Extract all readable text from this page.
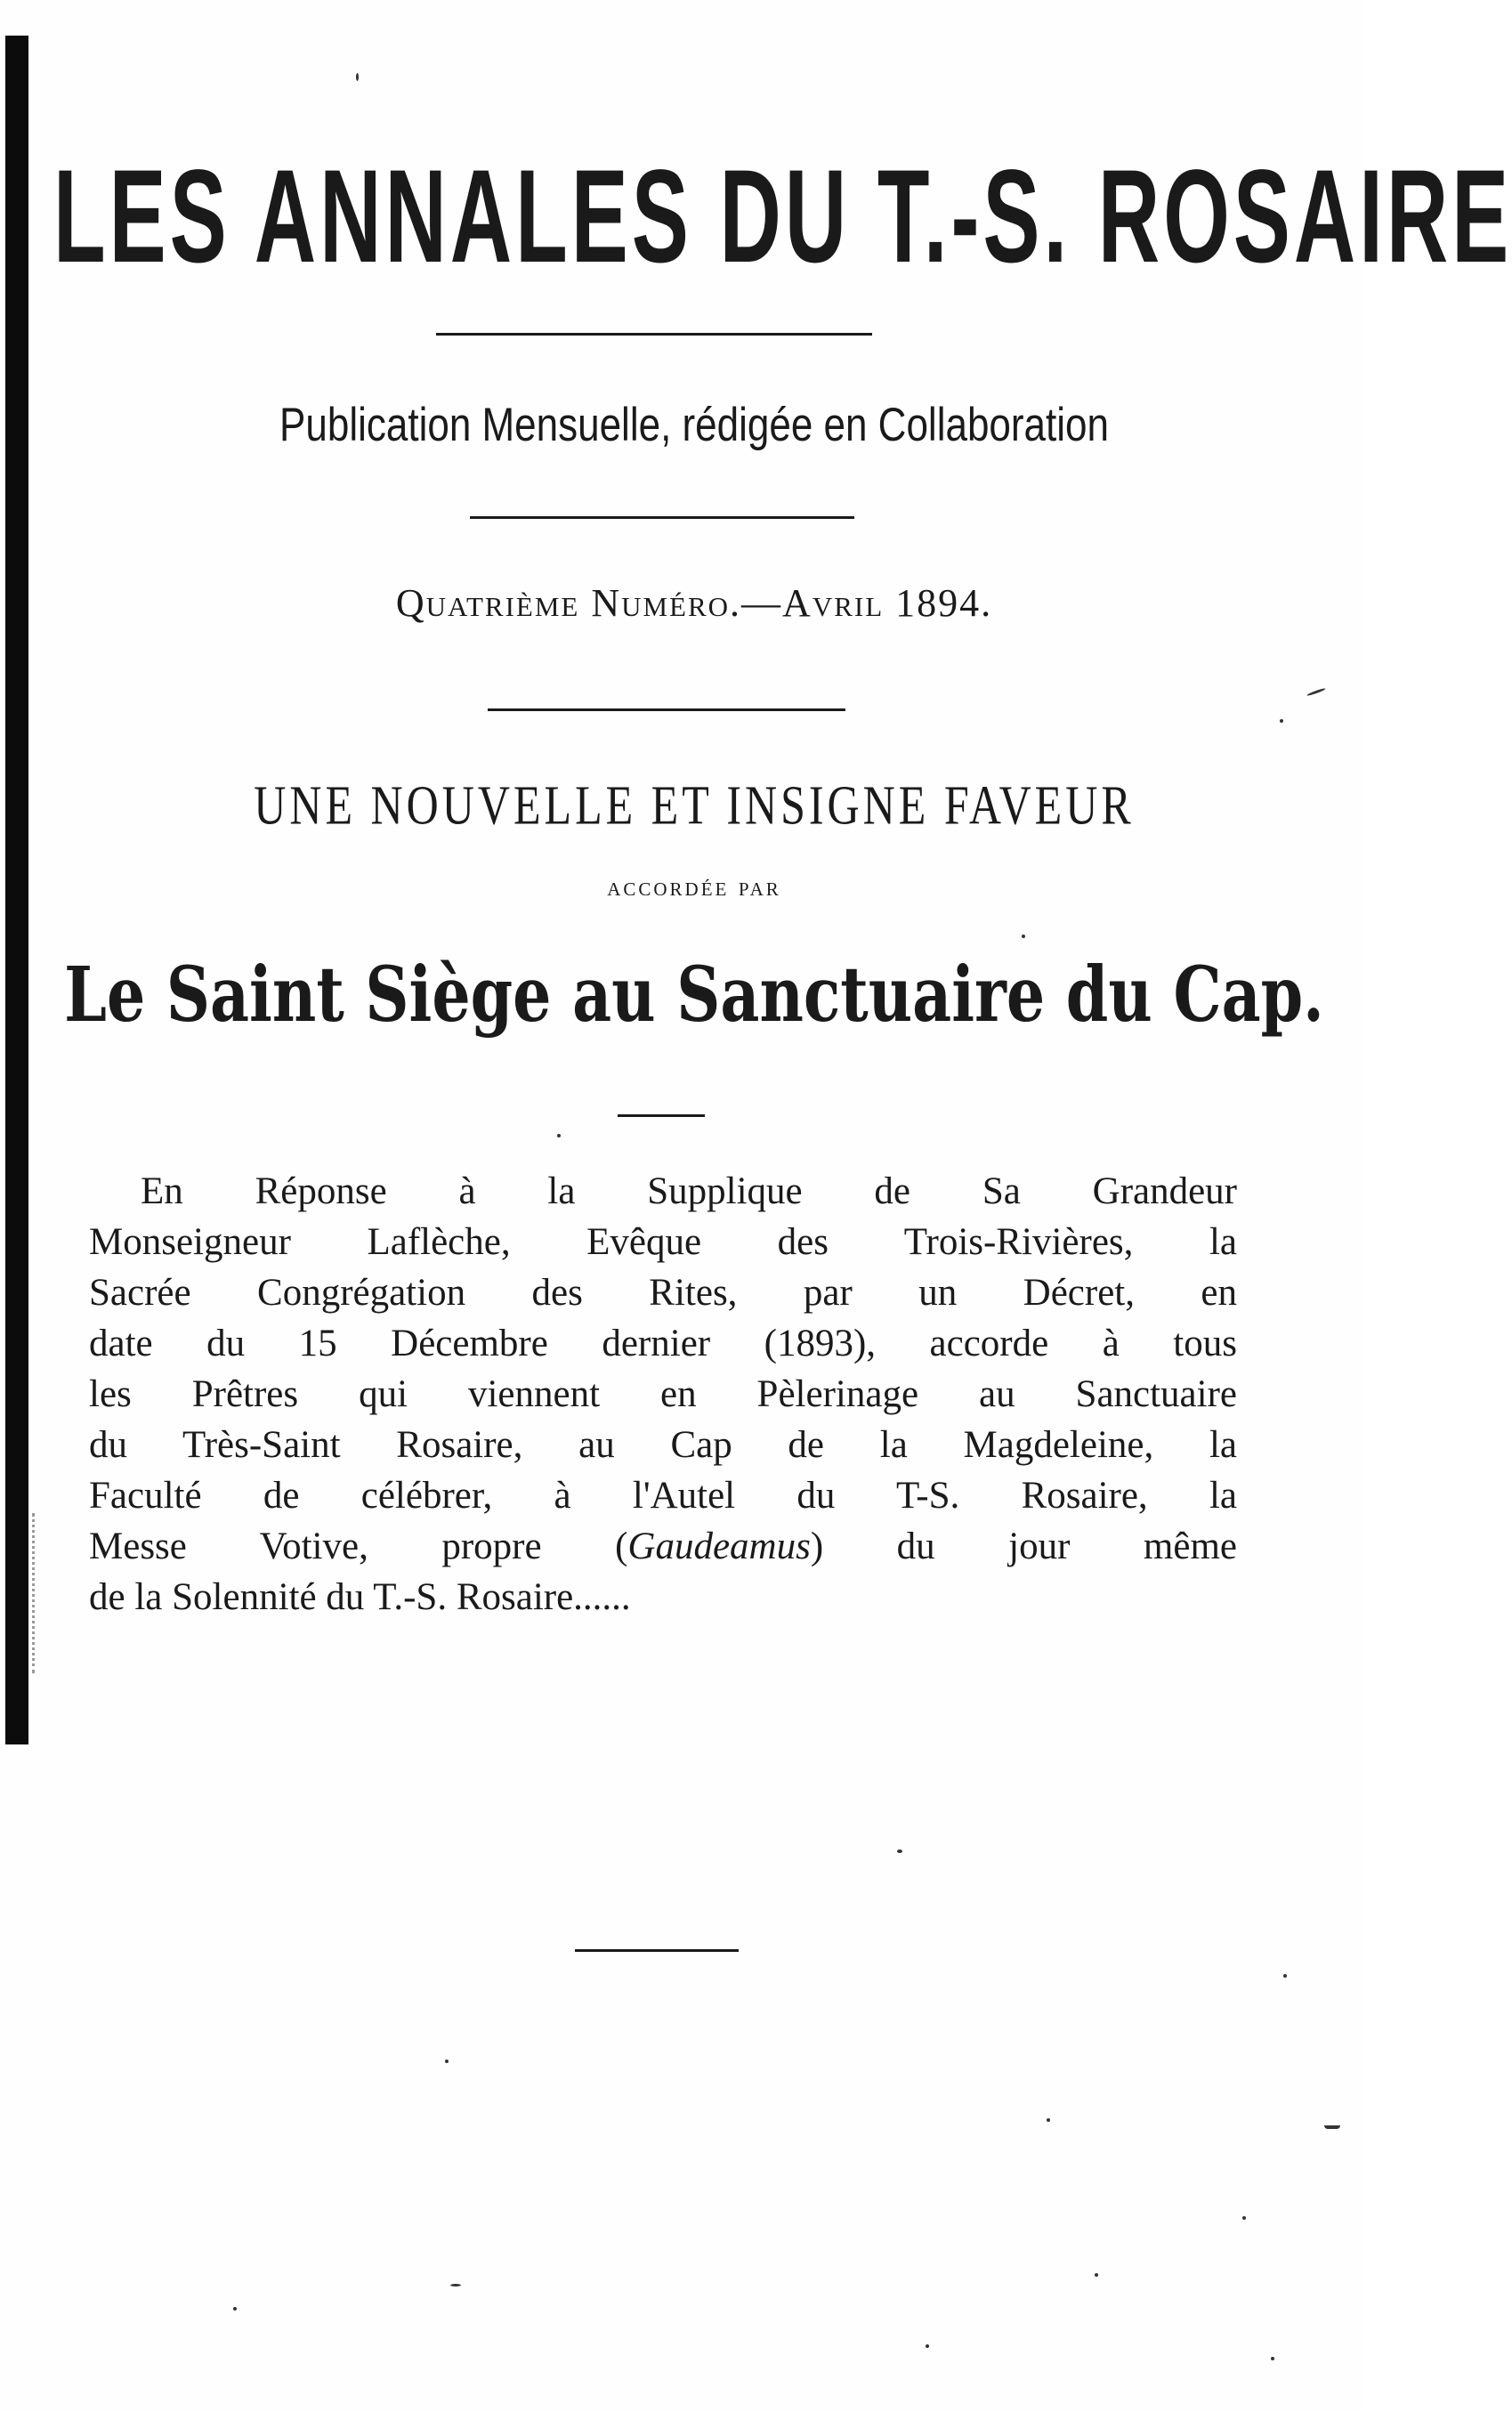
LES ANNALES DU T.-S. ROSAIRE
Publication Mensuelle, rédigée en Collaboration
Quatrième Numéro.—Avril 1894.
UNE NOUVELLE ET INSIGNE FAVEUR
accordée par
Le Saint Siège au Sanctuaire du Cap.
En Réponse à la Supplique de Sa Grandeur
Monseigneur Laflèche, Evêque des Trois-Rivières, la
Sacrée Congrégation des Rites, par un Décret, en
date du 15 Décembre dernier (1893), accorde à tous
les Prêtres qui viennent en Pèlerinage au Sanctuaire
du Très-Saint Rosaire, au Cap de la Magdeleine, la
Faculté de célébrer, à l'Autel du T-S. Rosaire, la
Messe Votive, propre (Gaudeamus) du jour même
de la Solennité du T.-S. Rosaire......
